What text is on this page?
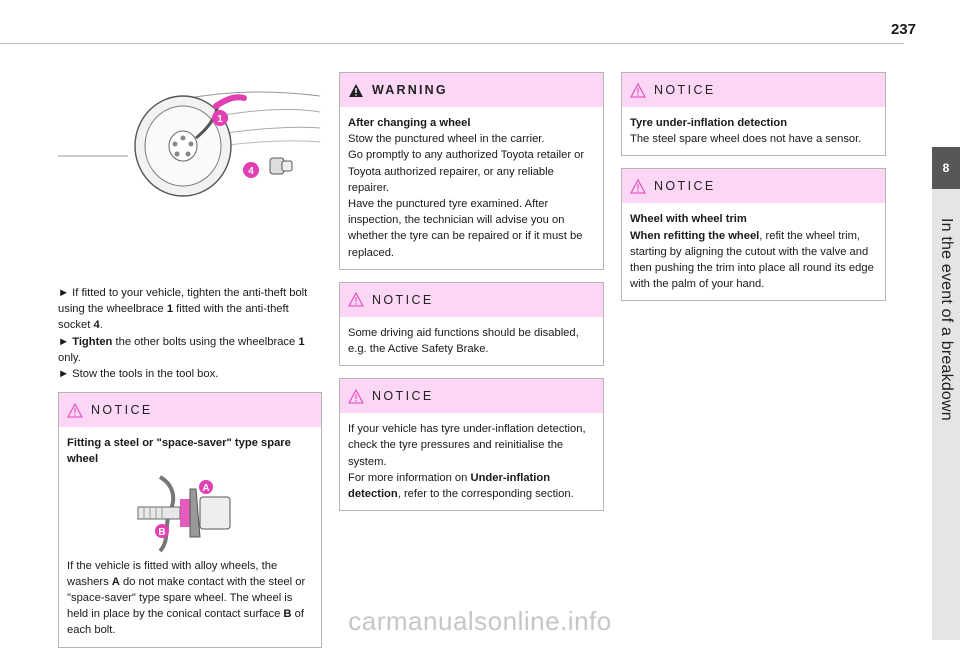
237
8
In the event of a breakdown
1
4
► If fitted to your vehicle, tighten the anti-theft bolt using the wheelbrace 1 fitted with the anti-theft socket 4.
► Tighten the other bolts using the wheelbrace 1 only.
► Stow the tools in the tool box.
NOTICE

Fitting a steel or "space-saver" type spare wheel

A
B

If the vehicle is fitted with alloy wheels, the washers A do not make contact with the steel or "space-saver" type spare wheel. The wheel is held in place by the conical contact surface B of each bolt.

WARNING

After changing a wheel

Stow the punctured wheel in the carrier.

Go promptly to any authorized Toyota retailer or Toyota authorized repairer, or any reliable repairer.

Have the punctured tyre examined. After inspection, the technician will advise you on whether the tyre can be repaired or if it must be replaced.

NOTICE

Some driving aid functions should be disabled, e.g. the Active Safety Brake.

NOTICE

If your vehicle has tyre under-inflation detection, check the tyre pressures and reinitialise the system.

For more information on Under-inflation detection, refer to the corresponding section.

NOTICE

Tyre under-inflation detection

The steel spare wheel does not have a sensor.

NOTICE

Wheel with wheel trim

When refitting the wheel, refit the wheel trim, starting by aligning the cutout with the valve and then pushing the trim into place all round its edge with the palm of your hand.

carmanualsonline.info
